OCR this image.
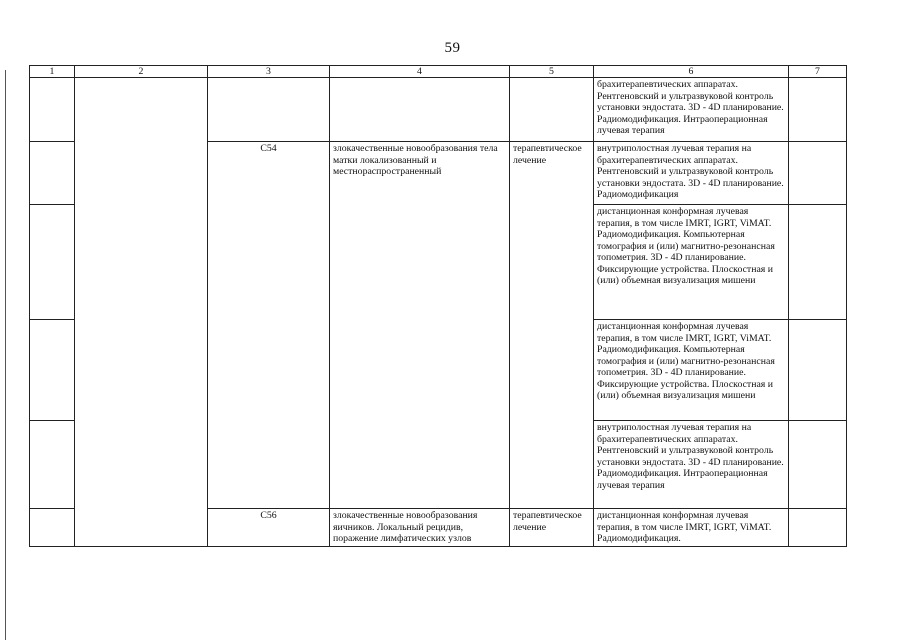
59
1	2	3	4	5	6	7
					брахитерапевтических аппаратах. Рентгеновский и ультразвуковой контроль установки эндостата. 3D - 4D планирование. Радиомодификация. Интраоперационная лучевая терапия	
		C54	злокачественные новообразования тела матки локализованный и местнораспространенный	терапевтическое лечение	внутриполостная лучевая терапия на брахитерапевтических аппаратах. Рентгеновский и ультразвуковой контроль установки эндостата. 3D - 4D планирование. Радиомодификация	
					дистанционная конформная лучевая терапия, в том числе IMRT, IGRT, ViMAT. Радиомодификация. Компьютерная томография и (или) магнитно-резонансная топометрия. 3D - 4D планирование. Фиксирующие устройства. Плоскостная и (или) объемная визуализация мишени	
					дистанционная конформная лучевая терапия, в том числе IMRT, IGRT, ViMAT. Радиомодификация. Компьютерная томография и (или) магнитно-резонансная топометрия. 3D - 4D планирование. Фиксирующие устройства. Плоскостная и (или) объемная визуализация мишени	
					внутриполостная лучевая терапия на брахитерапевтических аппаратах. Рентгеновский и ультразвуковой контроль установки эндостата. 3D - 4D планирование. Радиомодификация. Интраоперационная лучевая терапия	
		C56	злокачественные новообразования яичников. Локальный рецидив, поражение лимфатических узлов	терапевтическое лечение	дистанционная конформная лучевая терапия, в том числе IMRT, IGRT, ViMAT. Радиомодификация.	
